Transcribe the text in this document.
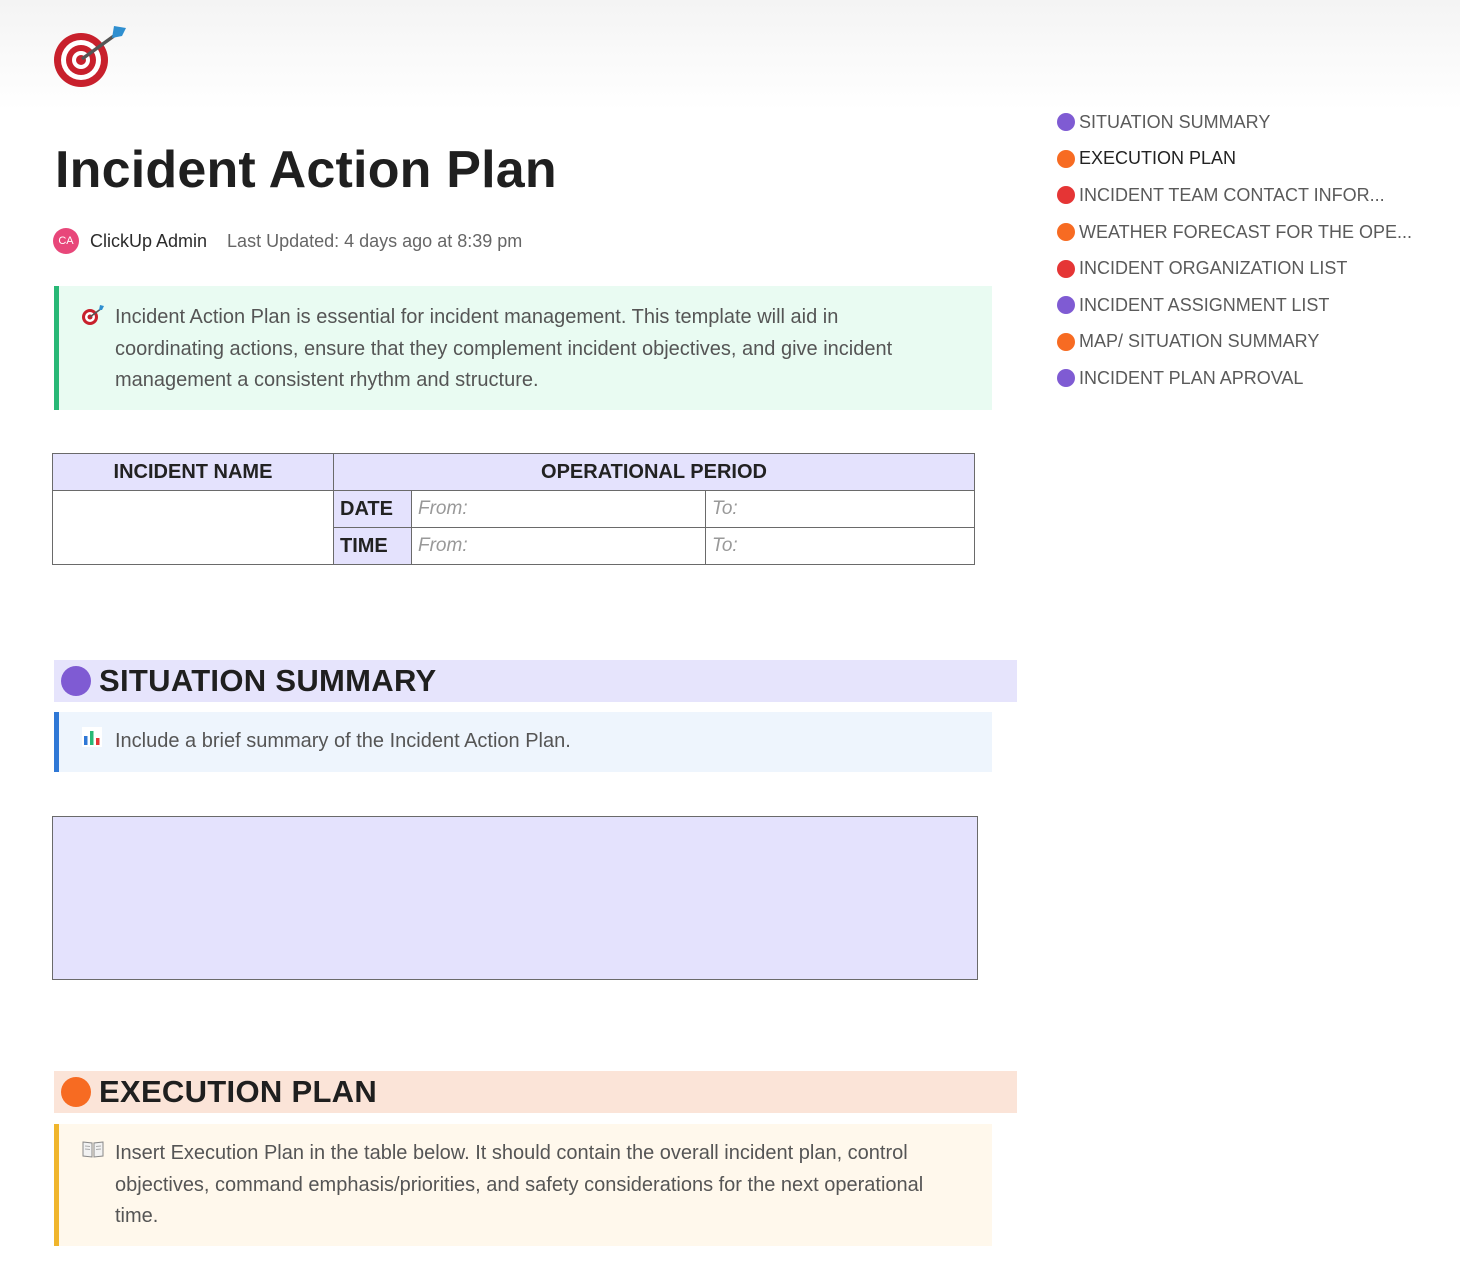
Incident Action Plan
CA ClickUp Admin Last Updated: 4 days ago at 8:39 pm
Incident Action Plan is essential for incident management. This template will aid in coordinating actions, ensure that they complement incident objectives, and give incident management a consistent rhythm and structure.
INCIDENT NAME	OPERATIONAL PERIOD		
	DATE	From:	To:
	TIME	From:	To:
SITUATION SUMMARY
Include a brief summary of the Incident Action Plan.
EXECUTION PLAN
Insert Execution Plan in the table below. It should contain the overall incident plan, control objectives, command emphasis/priorities, and safety considerations for the next operational time.
SITUATION SUMMARY
EXECUTION PLAN
INCIDENT TEAM CONTACT INFOR...
WEATHER FORECAST FOR THE OPE...
INCIDENT ORGANIZATION LIST
INCIDENT ASSIGNMENT LIST
MAP/ SITUATION SUMMARY
INCIDENT PLAN APROVAL
